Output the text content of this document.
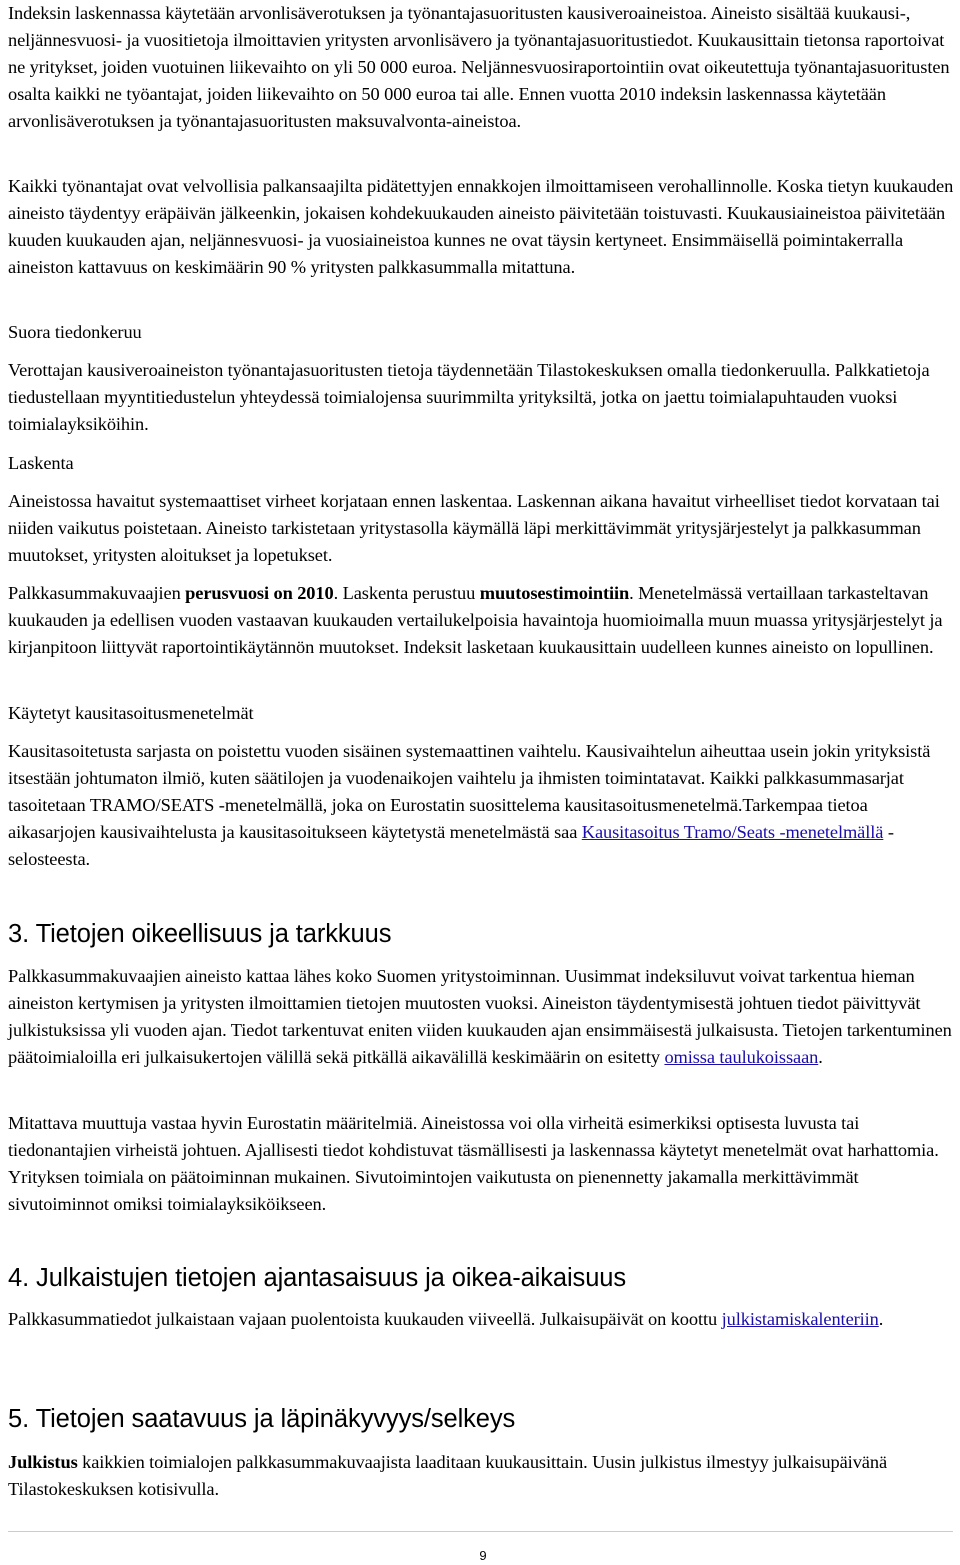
Indeksin laskennassa käytetään arvonlisäverotuksen ja työnantajasuoritusten kausiveroaineistoa. Aineisto sisältää kuukausi-, neljännesvuosi- ja vuositietoja ilmoittavien yritysten arvonlisävero ja työnantajasuoritustiedot. Kuukausittain tietonsa raportoivat ne yritykset, joiden vuotuinen liikevaihto on yli 50 000 euroa. Neljännesvuosiraportointiin ovat oikeutettuja työnantajasuoritusten osalta kaikki ne työantajat, joiden liikevaihto on 50 000 euroa tai alle. Ennen vuotta 2010 indeksin laskennassa käytetään arvonlisäverotuksen ja työnantajasuoritusten maksuvalvonta-aineistoa.

Kaikki työnantajat ovat velvollisia palkansaajilta pidätettyjen ennakkojen ilmoittamiseen verohallinnolle. Koska tietyn kuukauden aineisto täydentyy eräpäivän jälkeenkin, jokaisen kohdekuukauden aineisto päivitetään toistuvasti. Kuukausiaineistoa päivitetään kuuden kuukauden ajan, neljännesvuosi- ja vuosiaineistoa kunnes ne ovat täysin kertyneet. Ensimmäisellä poimintakerralla aineiston kattavuus on keskimäärin 90 % yritysten palkkasummalla mitattuna.

Suora tiedonkeruu

Verottajan kausiveroaineiston työnantajasuoritusten tietoja täydennetään Tilastokeskuksen omalla tiedonkeruulla. Palkkatietoja tiedustellaan myyntitiedustelun yhteydessä toimialojensa suurimmilta yrityksiltä, jotka on jaettu toimialapuhtauden vuoksi toimialayksiköihin.

Laskenta

Aineistossa havaitut systemaattiset virheet korjataan ennen laskentaa. Laskennan aikana havaitut virheelliset tiedot korvataan tai niiden vaikutus poistetaan. Aineisto tarkistetaan yritystasolla käymällä läpi merkittävimmät yritysjärjestelyt ja palkkasumman muutokset, yritysten aloitukset ja lopetukset.

Palkkasummakuvaajien perusvuosi on 2010. Laskenta perustuu muutosestimointiin. Menetelmässä vertaillaan tarkasteltavan kuukauden ja edellisen vuoden vastaavan kuukauden vertailukelpoisia havaintoja huomioimalla muun muassa yritysjärjestelyt ja kirjanpitoon liittyvät raportointikäytännön muutokset. Indeksit lasketaan kuukausittain uudelleen kunnes aineisto on lopullinen.

Käytetyt kausitasoitusmenetelmät

Kausitasoitetusta sarjasta on poistettu vuoden sisäinen systemaattinen vaihtelu. Kausivaihtelun aiheuttaa usein jokin yrityksistä itsestään johtumaton ilmiö, kuten säätilojen ja vuodenaikojen vaihtelu ja ihmisten toimintatavat. Kaikki palkkasummasarjat tasoitetaan TRAMO/SEATS -menetelmällä, joka on Eurostatin suosittelema kausitasoitusmenetelmä.Tarkempaa tietoa aikasarjojen kausivaihtelusta ja kausitasoitukseen käytetystä menetelmästä saa Kausitasoitus Tramo/Seats -menetelmällä -selosteesta.

3. Tietojen oikeellisuus ja tarkkuus

Palkkasummakuvaajien aineisto kattaa lähes koko Suomen yritystoiminnan. Uusimmat indeksiluvut voivat tarkentua hieman aineiston kertymisen ja yritysten ilmoittamien tietojen muutosten vuoksi. Aineiston täydentymisestä johtuen tiedot päivittyvät julkistuksissa yli vuoden ajan. Tiedot tarkentuvat eniten viiden kuukauden ajan ensimmäisestä julkaisusta. Tietojen tarkentuminen päätoimialoilla eri julkaisukertojen välillä sekä pitkällä aikavälillä keskimäärin on esitetty omissa taulukoissaan.

Mitattava muuttuja vastaa hyvin Eurostatin määritelmiä. Aineistossa voi olla virheitä esimerkiksi optisesta luvusta tai tiedonantajien virheistä johtuen. Ajallisesti tiedot kohdistuvat täsmällisesti ja laskennassa käytetyt menetelmät ovat harhattomia. Yrityksen toimiala on päätoiminnan mukainen. Sivutoimintojen vaikutusta on pienennetty jakamalla merkittävimmät sivutoiminnot omiksi toimialayksiköikseen.

4. Julkaistujen tietojen ajantasaisuus ja oikea-aikaisuus

Palkkasummatiedot julkaistaan vajaan puolentoista kuukauden viiveellä. Julkaisupäivät on koottu julkistamiskalenteriin.

5. Tietojen saatavuus ja läpinäkyvyys/selkeys

Julkistus kaikkien toimialojen palkkasummakuvaajista laaditaan kuukausittain. Uusin julkistus ilmestyy julkaisupäivänä Tilastokeskuksen kotisivulla.

9
